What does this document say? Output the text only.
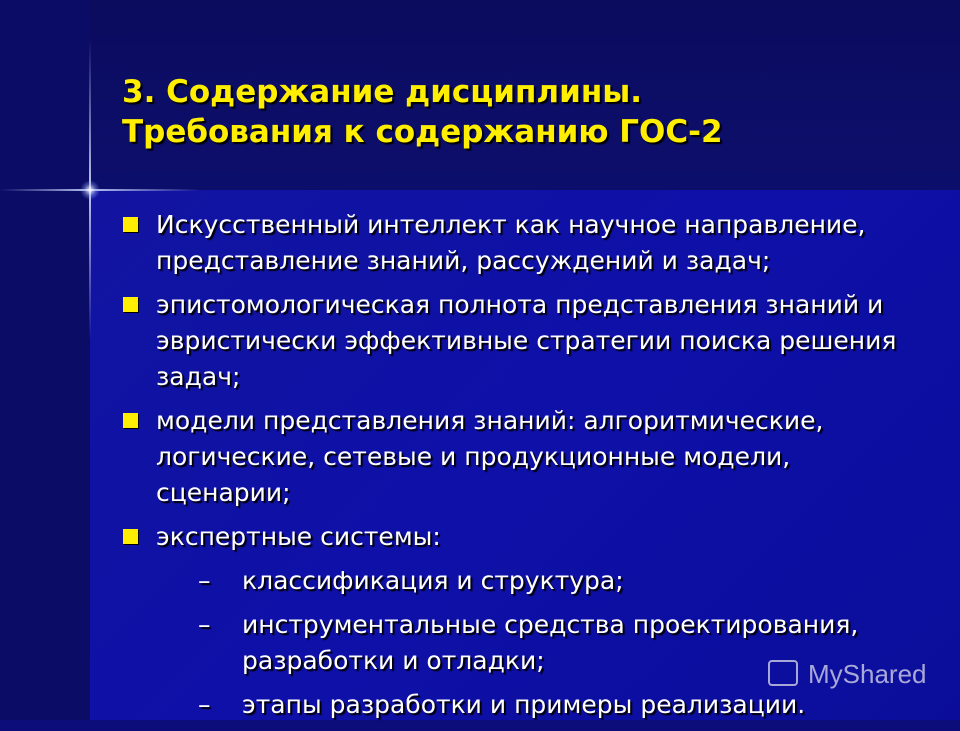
3. Содержание дисциплины.
Требования к содержанию ГОС-2
Искусственный интеллект как научное направление,
представление знаний, рассуждений и задач;
эпистомологическая полнота представления знаний и
эвристически эффективные стратегии поиска решения
задач;
модели представления знаний: алгоритмические,
логические, сетевые и продукционные модели,
сценарии;
экспертные системы:
– классификация и структура;
– инструментальные средства проектирования,
разработки и отладки;
– этапы разработки и примеры реализации.
MyShared
